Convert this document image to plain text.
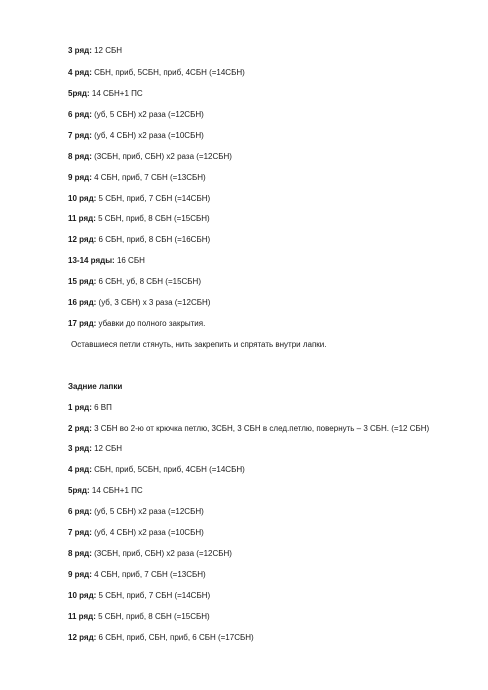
3 ряд: 12 СБН
4 ряд: СБН, приб, 5СБН, приб, 4СБН (=14СБН)
5ряд: 14 СБН+1 ПС
6 ряд: (уб, 5 СБН) х2 раза (=12СБН)
7 ряд: (уб, 4 СБН) х2 раза (=10СБН)
8 ряд: (3СБН, приб, СБН) х2 раза (=12СБН)
9 ряд: 4 СБН, приб, 7 СБН (=13СБН)
10 ряд: 5 СБН, приб, 7 СБН (=14СБН)
11 ряд: 5 СБН, приб, 8 СБН (=15СБН)
12 ряд: 6 СБН, приб, 8 СБН (=16СБН)
13-14 ряды: 16 СБН
15 ряд: 6 СБН, уб, 8 СБН (=15СБН)
16 ряд: (уб, 3 СБН) х 3 раза (=12СБН)
17 ряд: убавки до полного закрытия.
Оставшиеся петли стянуть, нить закрепить и спрятать внутри лапки.
Задние лапки
1 ряд: 6 ВП
2 ряд: 3 СБН во 2-ю от крючка петлю, 3СБН, 3 СБН в след.петлю, повернуть – 3 СБН. (=12 СБН)
3 ряд: 12 СБН
4 ряд: СБН, приб, 5СБН, приб, 4СБН (=14СБН)
5ряд: 14 СБН+1 ПС
6 ряд: (уб, 5 СБН) х2 раза (=12СБН)
7 ряд: (уб, 4 СБН) х2 раза (=10СБН)
8 ряд: (3СБН, приб, СБН) х2 раза (=12СБН)
9 ряд: 4 СБН, приб, 7 СБН (=13СБН)
10 ряд: 5 СБН, приб, 7 СБН (=14СБН)
11 ряд: 5 СБН, приб, 8 СБН (=15СБН)
12 ряд: 6 СБН, приб, СБН, приб, 6 СБН (=17СБН)
